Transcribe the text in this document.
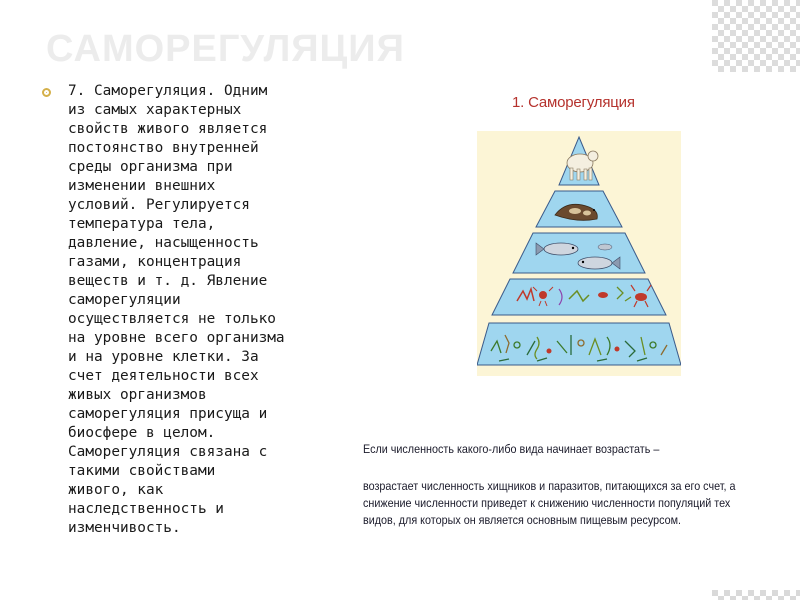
САМОРЕГУЛЯЦИЯ

7. Саморегуляция. Одним
из самых характерных
свойств живого является
постоянство внутренней
среды организма при
изменении внешних
условий. Регулируется
температура тела,
давление, насыщенность
газами, концентрация
веществ и т. д. Явление
саморегуляции
осуществляется не только
на уровне всего организма
и на уровне клетки. За
счет деятельности всех
живых организмов
саморегуляция присуща и
биосфере в целом.
Саморегуляция связана с
такими свойствами
живого, как
наследственность и
изменчивость.

1. Саморегуляция
Если численность какого-либо вида начинает возрастать –
возрастает численность хищников и паразитов, питающихся за его счет, а снижение численности приведет к снижению численности популяций тех видов, для которых он является основным пищевым ресурсом.
